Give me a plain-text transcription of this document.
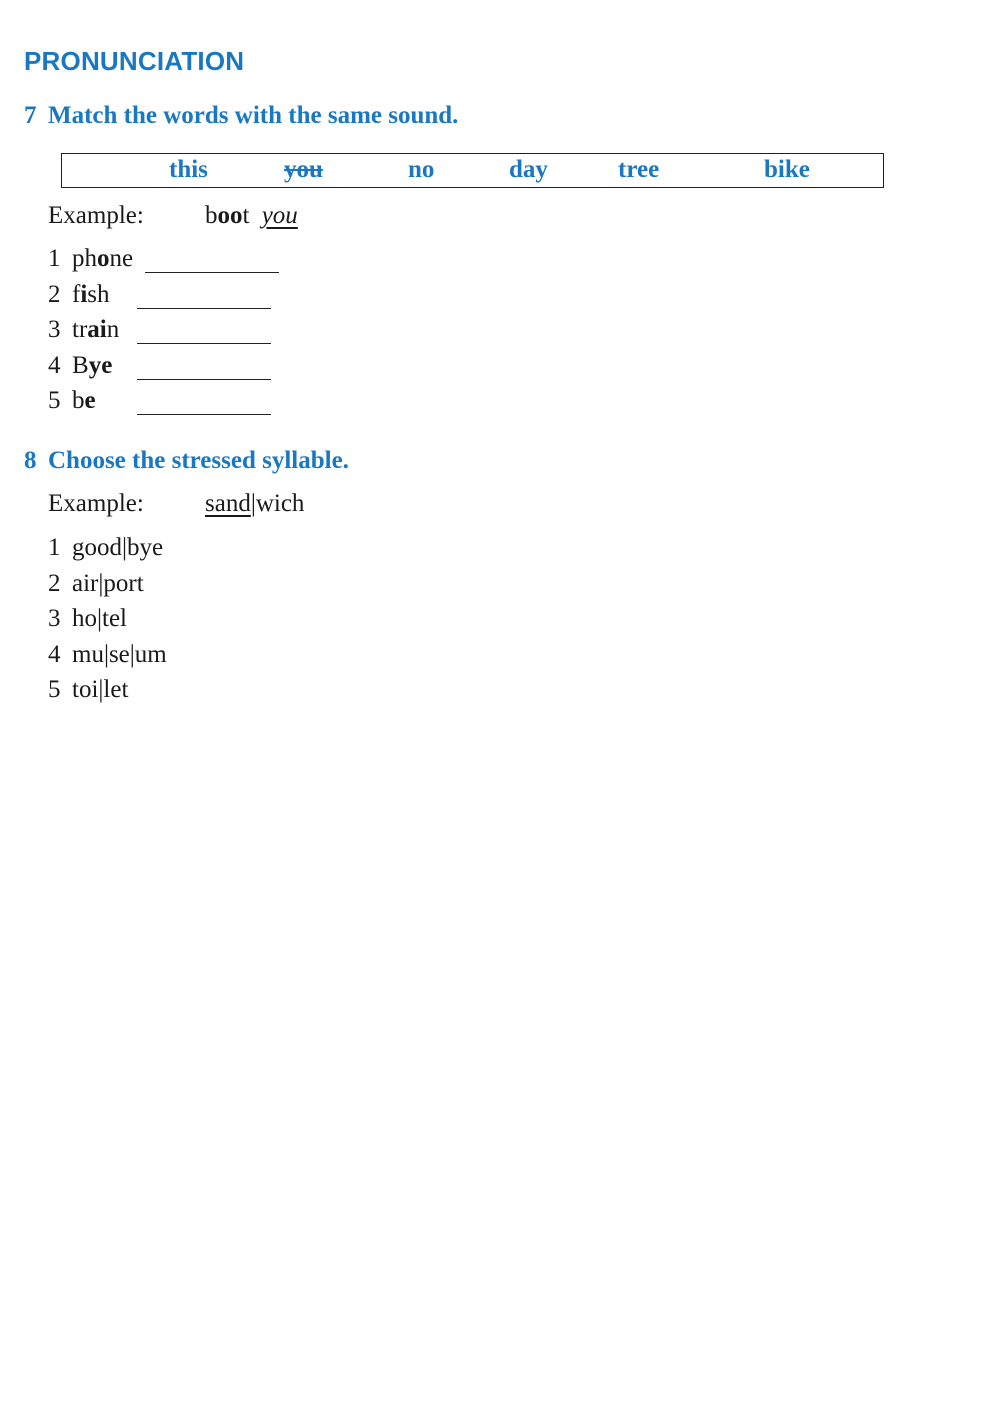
PRONUNCIATION
7 Match the words with the same sound.
this	you	no	day	tree	bike
Example: boot you
1 phone
2 fish
3 train
4 Bye
5 be
8 Choose the stressed syllable.
Example: sand|wich
1 good|bye
2 air|port
3 ho|tel
4 mu|se|um
5 toi|let
